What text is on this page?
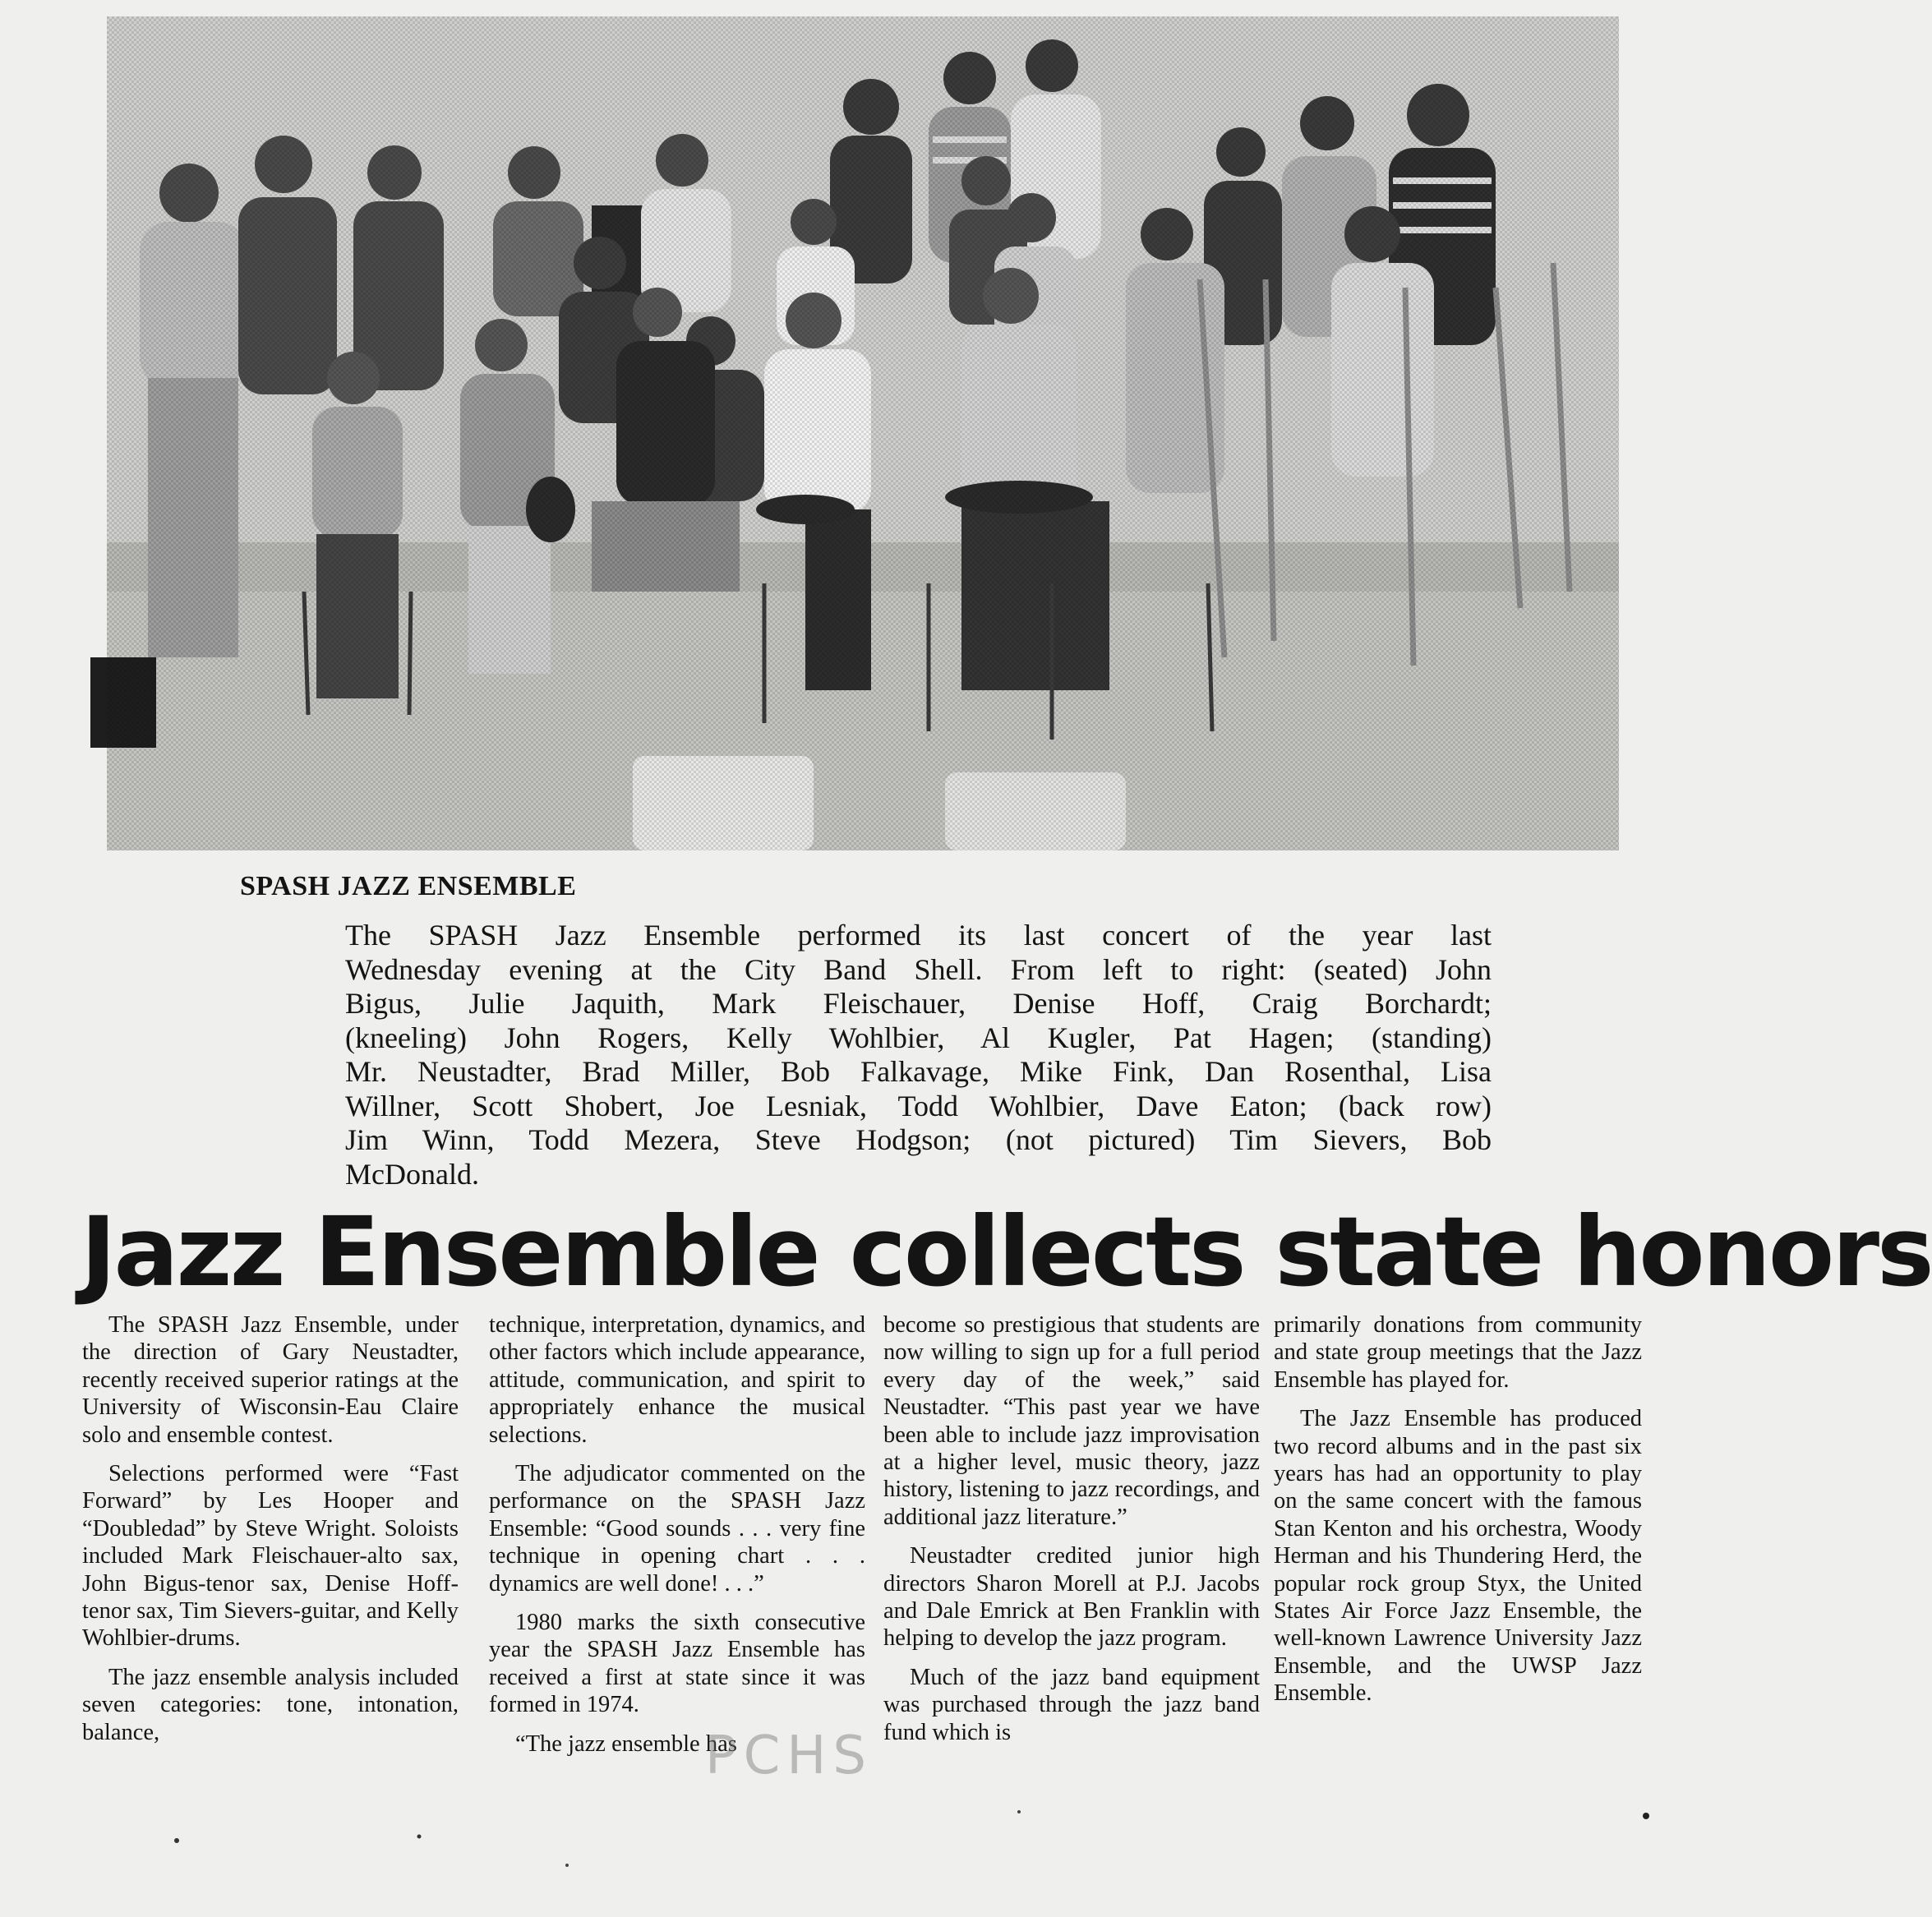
SPASH JAZZ ENSEMBLE
The SPASH Jazz Ensemble performed its last concert of the year last
Wednesday evening at the City Band Shell. From left to right: (seated) John
Bigus, Julie Jaquith, Mark Fleischauer, Denise Hoff, Craig Borchardt;
(kneeling) John Rogers, Kelly Wohlbier, Al Kugler, Pat Hagen; (standing)
Mr. Neustadter, Brad Miller, Bob Falkavage, Mike Fink, Dan Rosenthal, Lisa
Willner, Scott Shobert, Joe Lesniak, Todd Wohlbier, Dave Eaton; (back row)
Jim Winn, Todd Mezera, Steve Hodgson; (not pictured) Tim Sievers, Bob
McDonald.
Jazz Ensemble collects state honors

The SPASH Jazz Ensemble, under the direction of Gary Neustadter, recently received superior ratings at the University of Wisconsin-Eau Claire solo and ensemble contest.

Selections performed were “Fast Forward” by Les Hooper and “Doubledad” by Steve Wright. Soloists included Mark Fleischauer-alto sax, John Bigus-tenor sax, Denise Hoff-tenor sax, Tim Sievers-guitar, and Kelly Wohlbier-drums.

The jazz ensemble analysis included seven categories: tone, intonation, balance,

technique, interpretation, dynamics, and other factors which include appearance, attitude, communication, and spirit to appropriately enhance the musical selections.

The adjudicator commented on the performance on the SPASH Jazz Ensemble: “Good sounds . . . very fine technique in opening chart . . . dynamics are well done! . . .”

1980 marks the sixth consecutive year the SPASH Jazz Ensemble has received a first at state since it was formed in 1974.

“The jazz ensemble has

become so prestigious that students are now willing to sign up for a full period every day of the week,” said Neustadter. “This past year we have been able to include jazz improvisation at a higher level, music theory, jazz history, listening to jazz recordings, and additional jazz literature.”

Neustadter credited junior high directors Sharon Morell at P.J. Jacobs and Dale Emrick at Ben Franklin with helping to develop the jazz program.

Much of the jazz band equipment was purchased through the jazz band fund which is

primarily donations from community and state group meetings that the Jazz Ensemble has played for.

The Jazz Ensemble has produced two record albums and in the past six years has had an opportunity to play on the same concert with the famous Stan Kenton and his orchestra, Woody Herman and his Thundering Herd, the popular rock group Styx, the United States Air Force Jazz Ensemble, the well-known Lawrence University Jazz Ensemble, and the UWSP Jazz Ensemble.

PCHS
